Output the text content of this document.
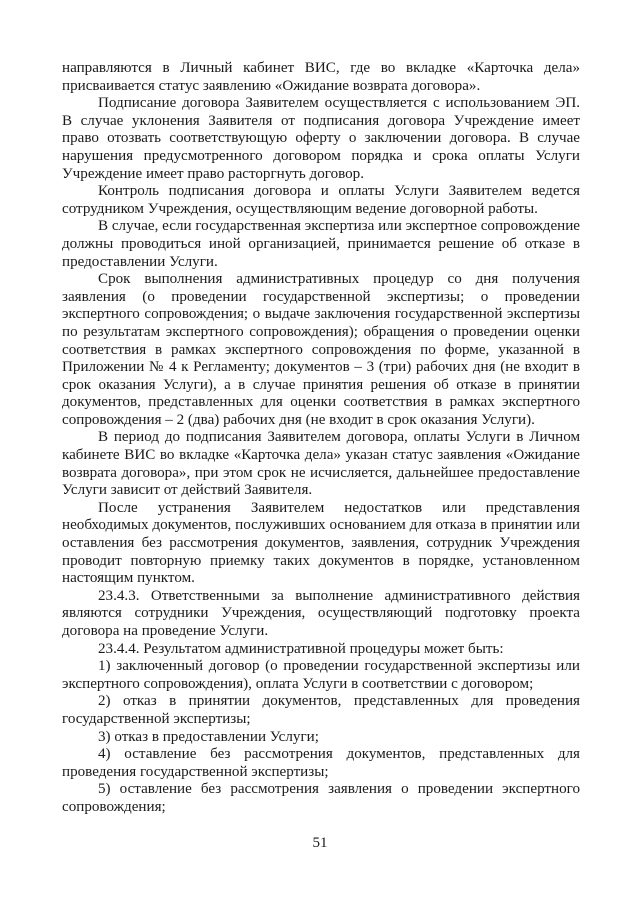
направляются в Личный кабинет ВИС, где во вкладке «Карточка дела» присваивается статус заявлению «Ожидание возврата договора».

Подписание договора Заявителем осуществляется с использованием ЭП. В случае уклонения Заявителя от подписания договора Учреждение имеет право отозвать соответствующую оферту о заключении договора. В случае нарушения предусмотренного договором порядка и срока оплаты Услуги Учреждение имеет право расторгнуть договор.

Контроль подписания договора и оплаты Услуги Заявителем ведется сотрудником Учреждения, осуществляющим ведение договорной работы.

В случае, если государственная экспертиза или экспертное сопровождение должны проводиться иной организацией, принимается решение об отказе в предоставлении Услуги.

Срок выполнения административных процедур со дня получения заявления (о проведении государственной экспертизы; о проведении экспертного сопровождения; о выдаче заключения государственной экспертизы по результатам экспертного сопровождения); обращения о проведении оценки соответствия в рамках экспертного сопровождения по форме, указанной в Приложении № 4 к Регламенту; документов – 3 (три) рабочих дня (не входит в срок оказания Услуги), а в случае принятия решения об отказе в принятии документов, представленных для оценки соответствия в рамках экспертного сопровождения – 2 (два) рабочих дня (не входит в срок оказания Услуги).

В период до подписания Заявителем договора, оплаты Услуги в Личном кабинете ВИС во вкладке «Карточка дела» указан статус заявления «Ожидание возврата договора», при этом срок не исчисляется, дальнейшее предоставление Услуги зависит от действий Заявителя.

После устранения Заявителем недостатков или представления необходимых документов, послуживших основанием для отказа в принятии или оставления без рассмотрения документов, заявления, сотрудник Учреждения проводит повторную приемку таких документов в порядке, установленном настоящим пунктом.

23.4.3. Ответственными за выполнение административного действия являются сотрудники Учреждения, осуществляющий подготовку проекта договора на проведение Услуги.

23.4.4. Результатом административной процедуры может быть:

1) заключенный договор (о проведении государственной экспертизы или экспертного сопровождения), оплата Услуги в соответствии с договором;

2) отказ в принятии документов, представленных для проведения государственной экспертизы;

3) отказ в предоставлении Услуги;

4) оставление без рассмотрения документов, представленных для проведения государственной экспертизы;

5) оставление без рассмотрения заявления о проведении экспертного сопровождения;

51
